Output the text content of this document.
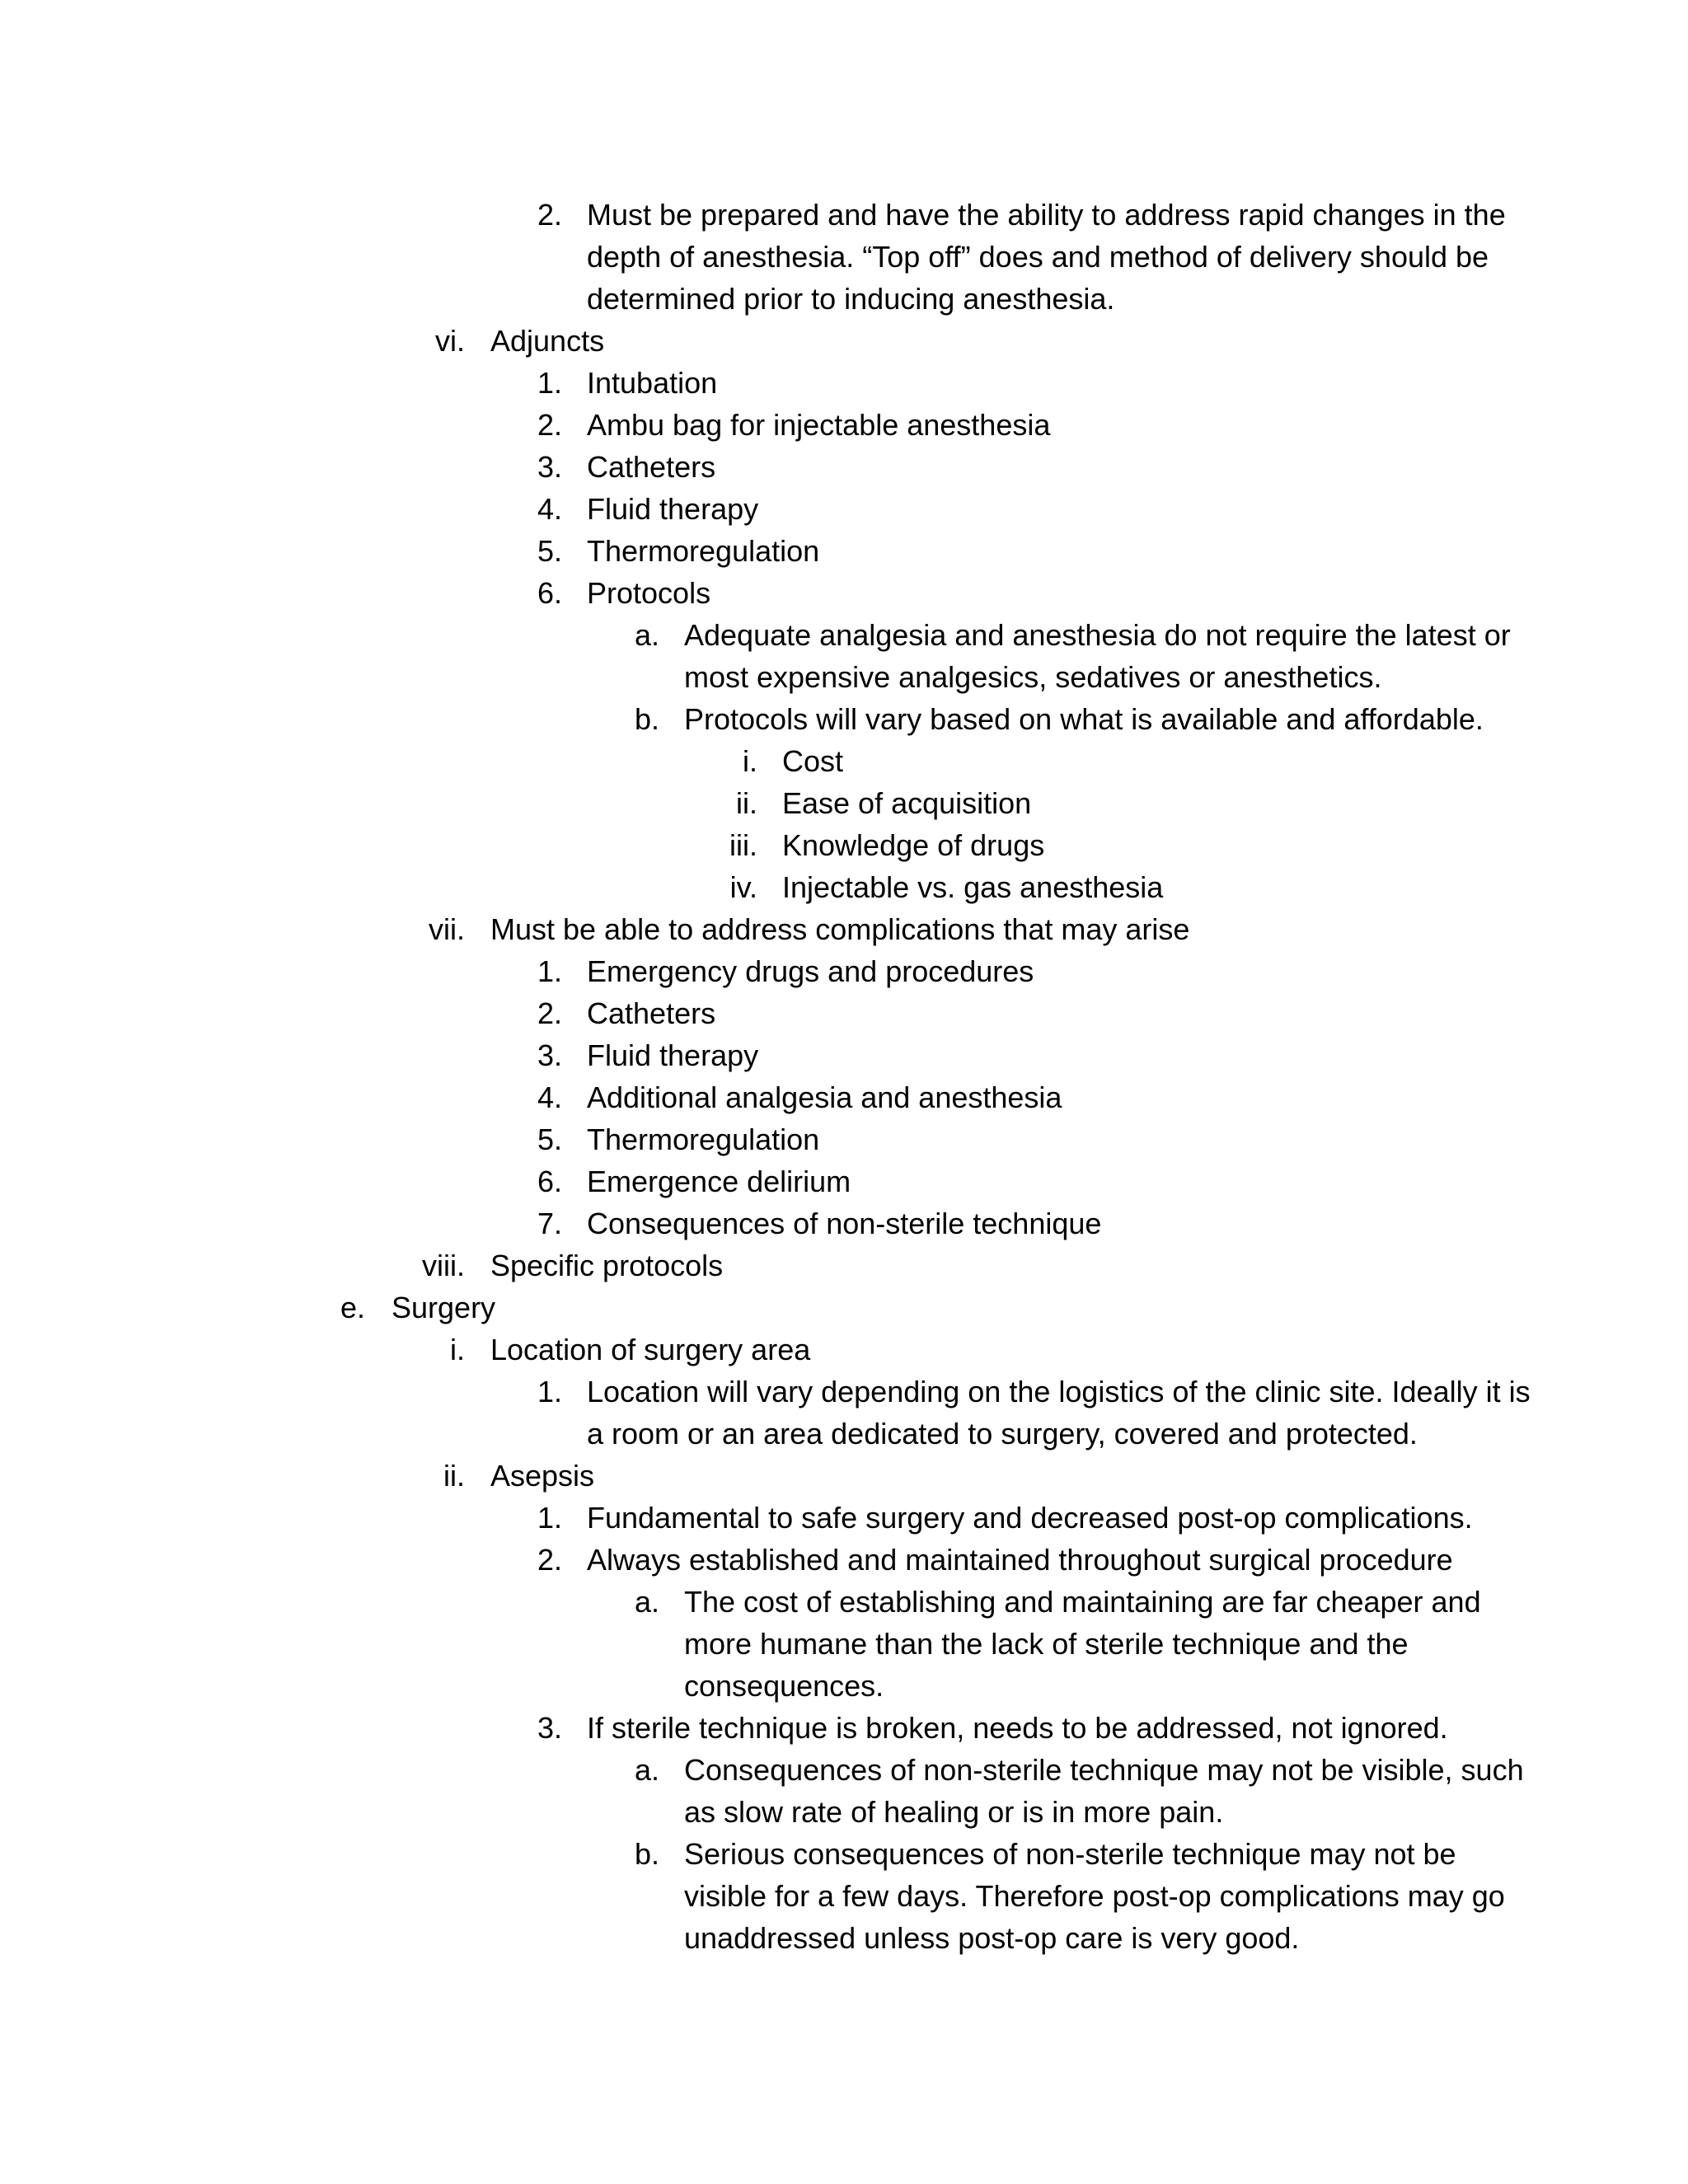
2. Must be prepared and have the ability to address rapid changes in the
depth of anesthesia. “Top off” does and method of delivery should be
determined prior to inducing anesthesia.
vi. Adjuncts
1. Intubation
2. Ambu bag for injectable anesthesia
3. Catheters
4. Fluid therapy
5. Thermoregulation
6. Protocols
a. Adequate analgesia and anesthesia do not require the latest or
most expensive analgesics, sedatives or anesthetics.
b. Protocols will vary based on what is available and affordable.
i. Cost
ii. Ease of acquisition
iii. Knowledge of drugs
iv. Injectable vs. gas anesthesia
vii. Must be able to address complications that may arise
1. Emergency drugs and procedures
2. Catheters
3. Fluid therapy
4. Additional analgesia and anesthesia
5. Thermoregulation
6. Emergence delirium
7. Consequences of non-sterile technique
viii. Specific protocols
e. Surgery
i. Location of surgery area
1. Location will vary depending on the logistics of the clinic site. Ideally it is
a room or an area dedicated to surgery, covered and protected.
ii. Asepsis
1. Fundamental to safe surgery and decreased post-op complications.
2. Always established and maintained throughout surgical procedure
a. The cost of establishing and maintaining are far cheaper and
more humane than the lack of sterile technique and the
consequences.
3. If sterile technique is broken, needs to be addressed, not ignored.
a. Consequences of non-sterile technique may not be visible, such
as slow rate of healing or is in more pain.
b. Serious consequences of non-sterile technique may not be
visible for a few days. Therefore post-op complications may go
unaddressed unless post-op care is very good.
